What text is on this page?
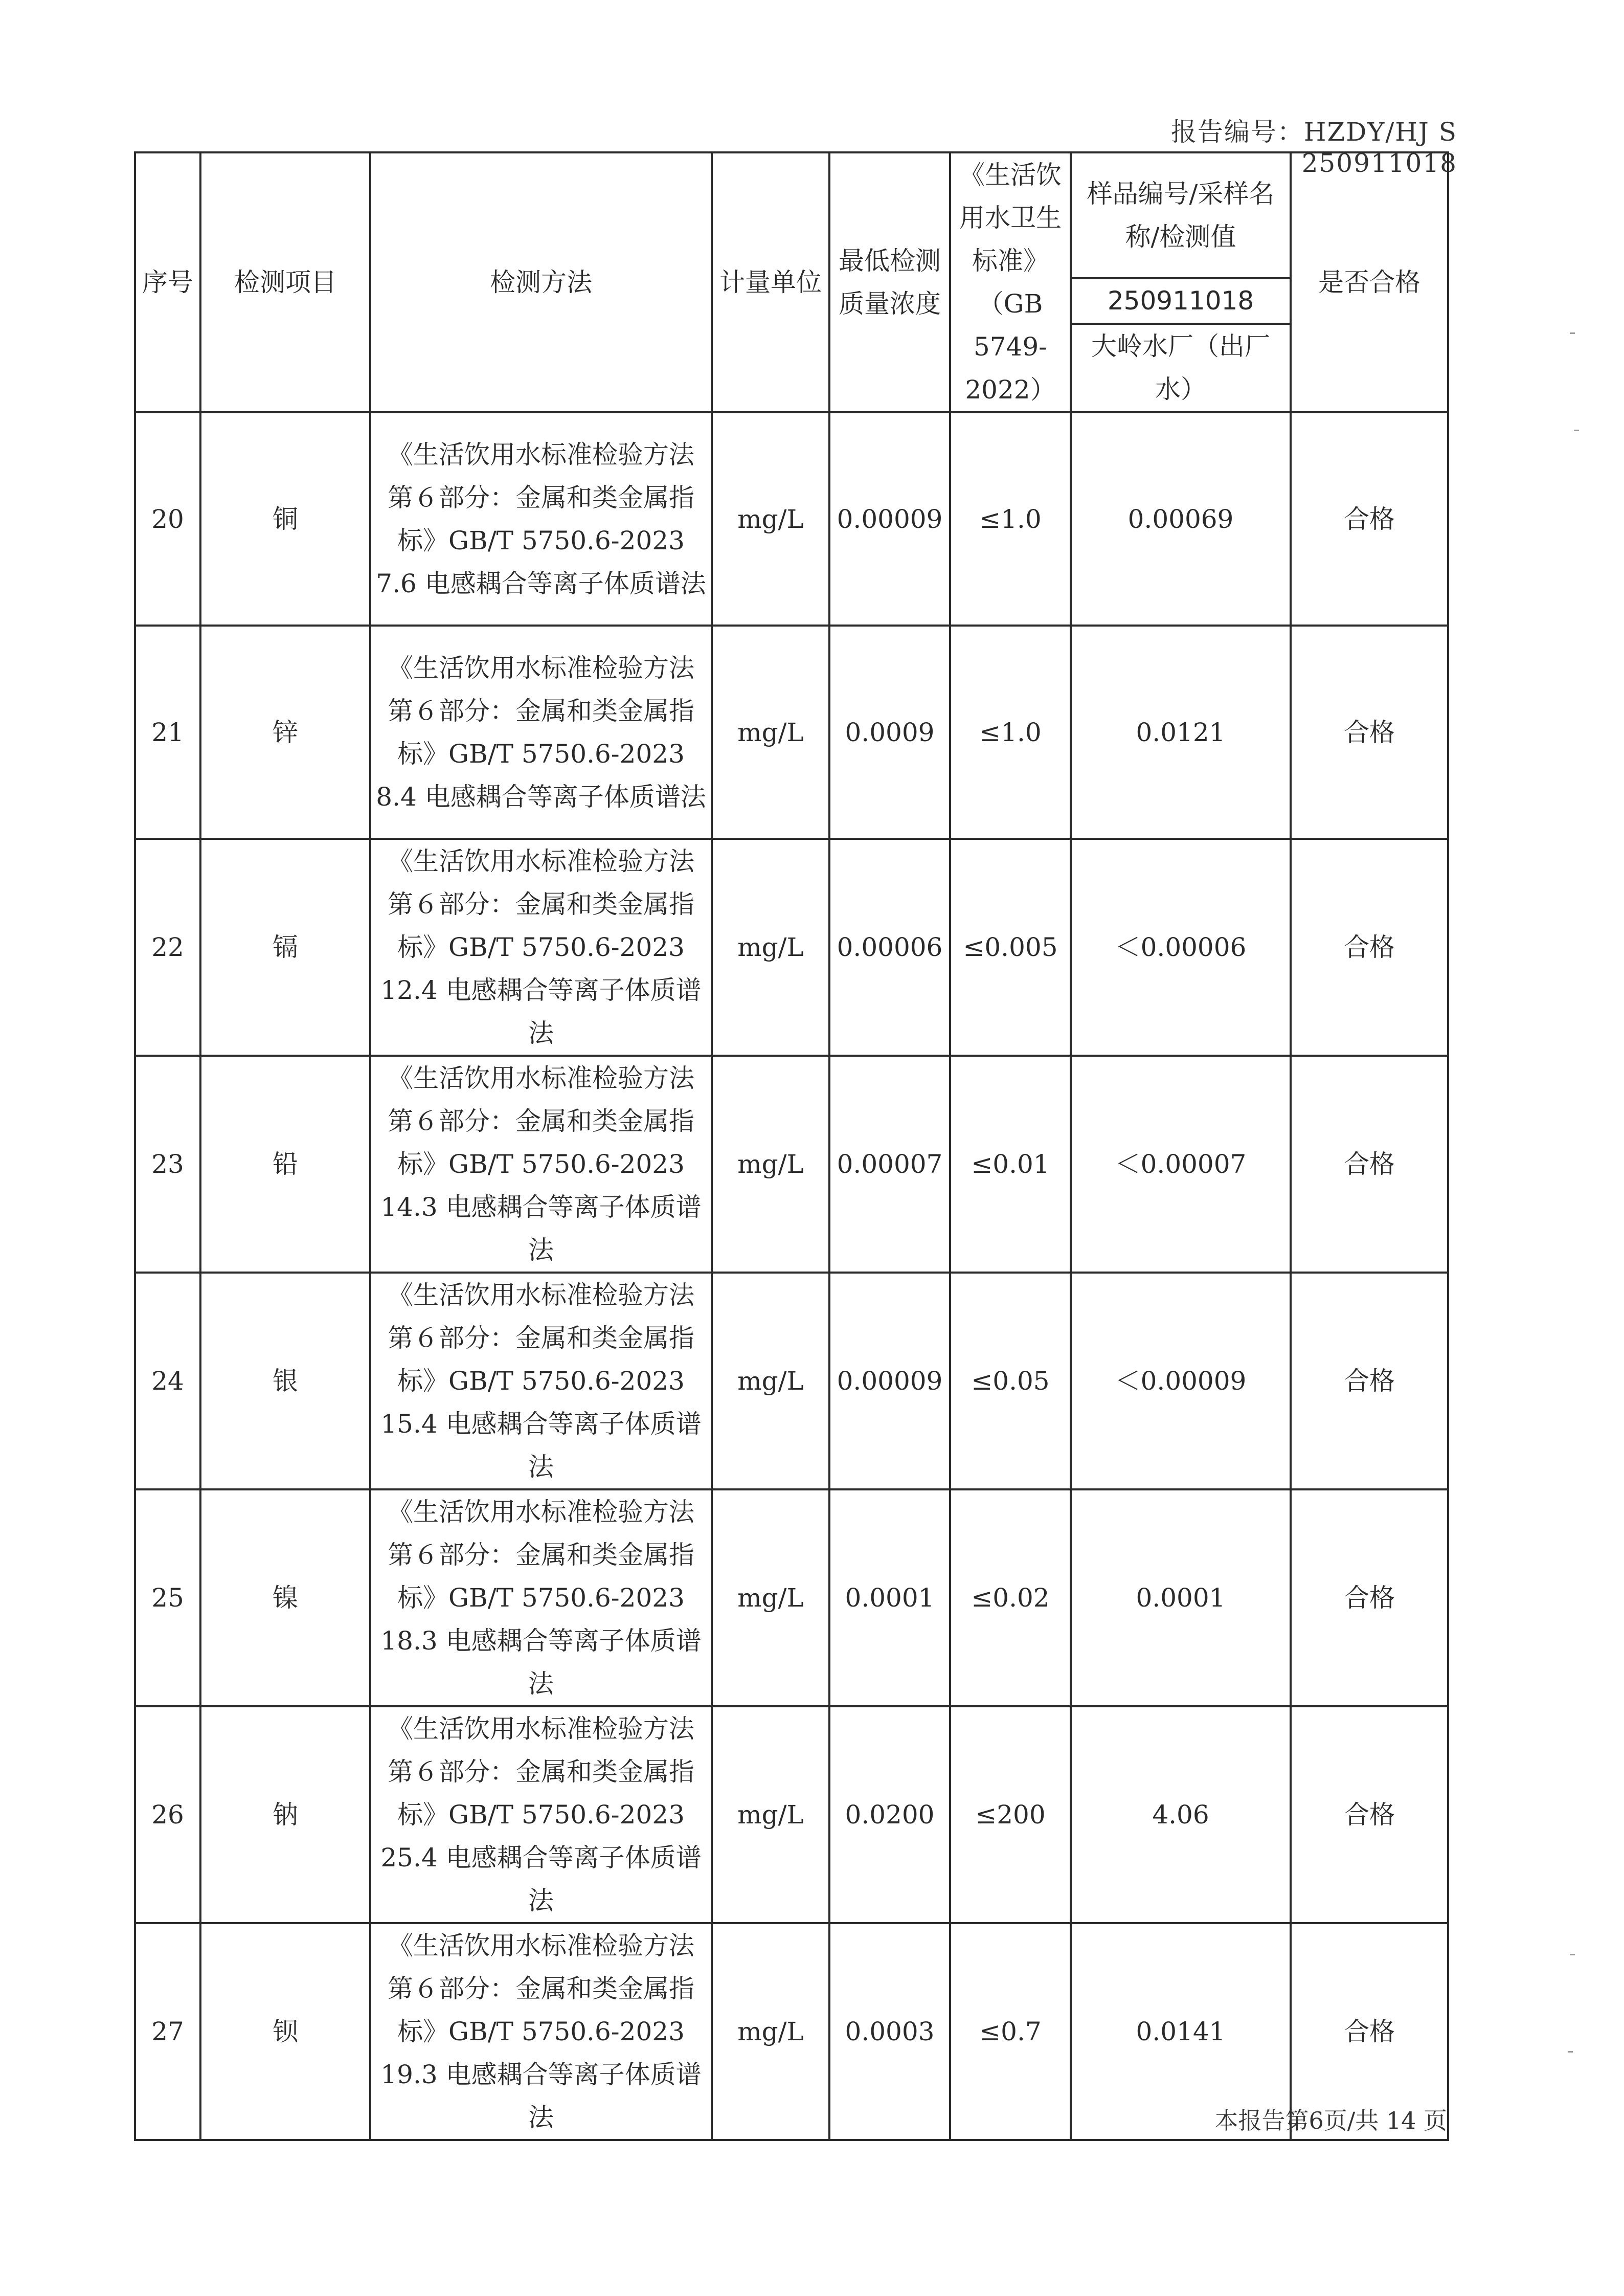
报告编号：HZDY/HJ S 250911018
序号	检测项目	检测方法	计量单位	最低检测质量浓度	《生活饮用水卫生标准》（GB 5749-2022）	样品编号/采样名称/检测值	是否合格
						250911018	
						大岭水厂（出厂水）	
20	铜	《生活饮用水标准检验方法第６部分：金属和类金属指标》GB/T 5750.6-2023 7.6 电感耦合等离子体质谱法	mg/L	0.00009	≤1.0	0.00069	合格
21	锌	《生活饮用水标准检验方法第６部分：金属和类金属指标》GB/T 5750.6-2023 8.4 电感耦合等离子体质谱法	mg/L	0.0009	≤1.0	0.0121	合格
22	镉	《生活饮用水标准检验方法第６部分：金属和类金属指标》GB/T 5750.6-2023 12.4 电感耦合等离子体质谱法	mg/L	0.00006	≤0.005	＜0.00006	合格
23	铅	《生活饮用水标准检验方法第６部分：金属和类金属指标》GB/T 5750.6-2023 14.3 电感耦合等离子体质谱法	mg/L	0.00007	≤0.01	＜0.00007	合格
24	银	《生活饮用水标准检验方法第６部分：金属和类金属指标》GB/T 5750.6-2023 15.4 电感耦合等离子体质谱法	mg/L	0.00009	≤0.05	＜0.00009	合格
25	镍	《生活饮用水标准检验方法第６部分：金属和类金属指标》GB/T 5750.6-2023 18.3 电感耦合等离子体质谱法	mg/L	0.0001	≤0.02	0.0001	合格
26	钠	《生活饮用水标准检验方法第６部分：金属和类金属指标》GB/T 5750.6-2023 25.4 电感耦合等离子体质谱法	mg/L	0.0200	≤200	4.06	合格
27	钡	《生活饮用水标准检验方法第６部分：金属和类金属指标》GB/T 5750.6-2023 19.3 电感耦合等离子体质谱法	mg/L	0.0003	≤0.7	0.0141	合格
本报告第6页/共 14 页
